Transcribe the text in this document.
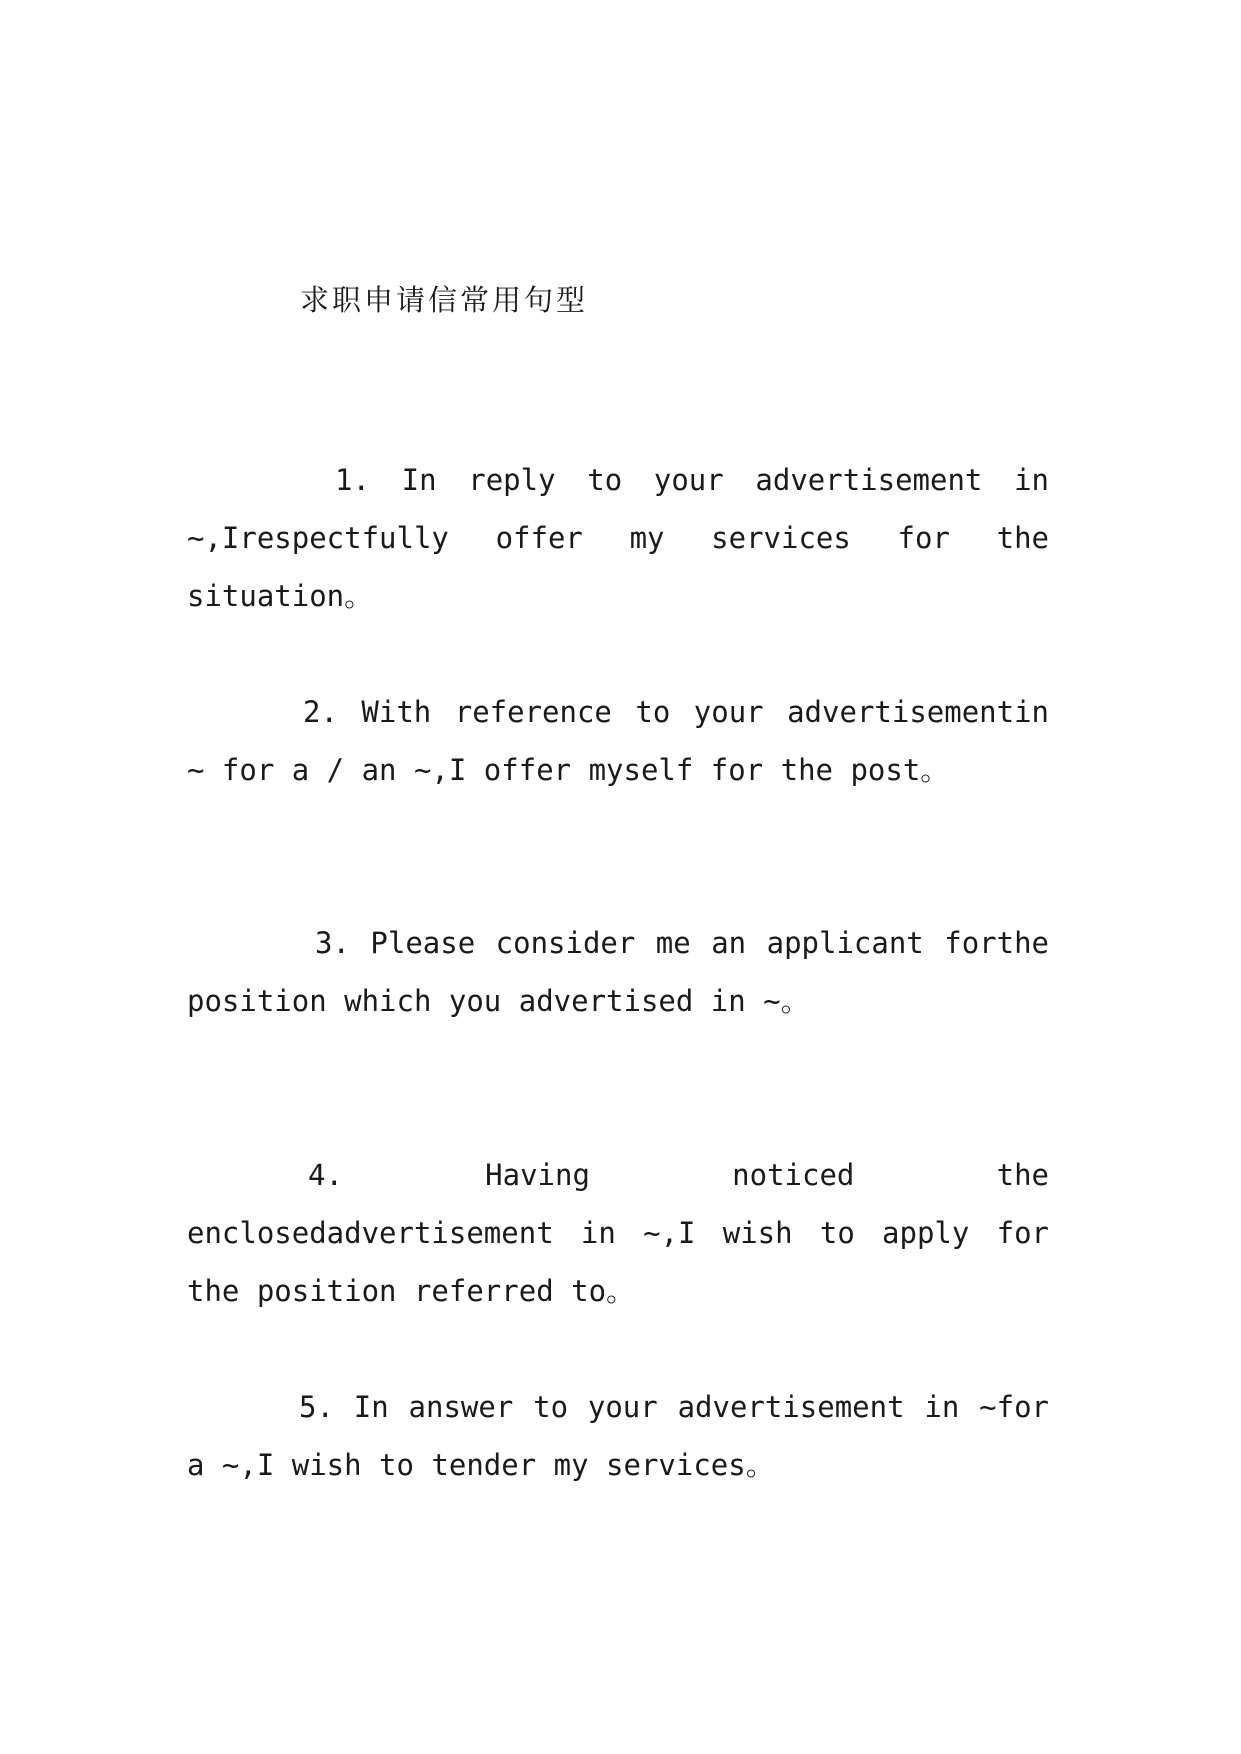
求职申请信常用句型

1. In reply to your advertisement in ~,Irespectfully offer my services for the situation。

2. With reference to your advertisementin ~ for a / an ~,I offer myself for the post。

3. Please consider me an applicant forthe position which you advertised in ~。

4. Having noticed the enclosedadvertisement in ~,I wish to apply for the position referred to。

5. In answer to your advertisement in ~for a ~,I wish to tender my services。
